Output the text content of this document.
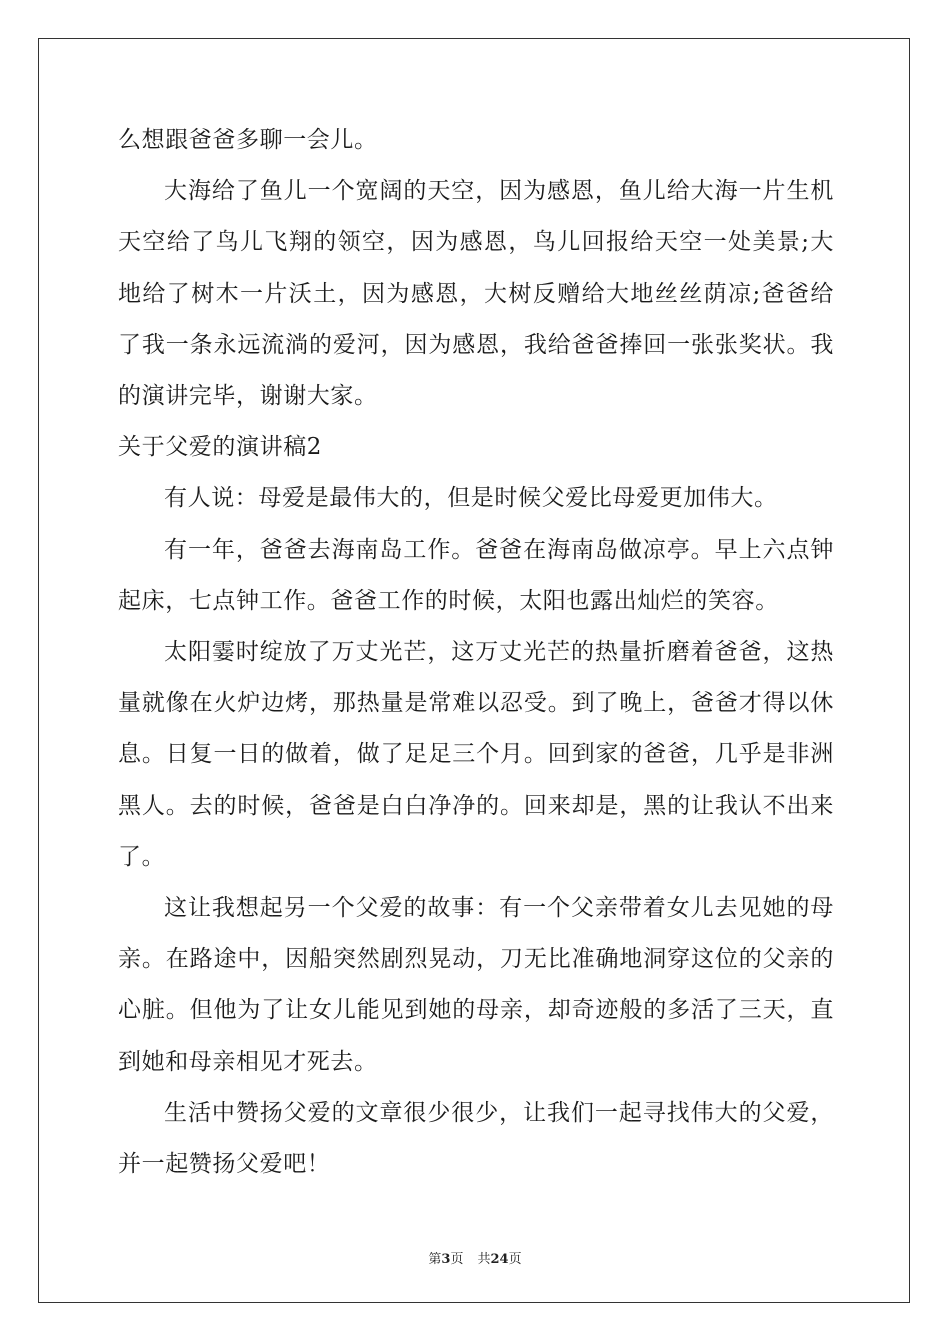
么想跟爸爸多聊一会儿。

大海给了鱼儿一个宽阔的天空，因为感恩，鱼儿给大海一片生机天空给了鸟儿飞翔的领空，因为感恩，鸟儿回报给天空一处美景;大地给了树木一片沃土，因为感恩，大树反赠给大地丝丝荫凉;爸爸给了我一条永远流淌的爱河，因为感恩，我给爸爸捧回一张张奖状。我的演讲完毕，谢谢大家。

关于父爱的演讲稿2

有人说：母爱是最伟大的，但是时候父爱比母爱更加伟大。

有一年，爸爸去海南岛工作。爸爸在海南岛做凉亭。早上六点钟起床，七点钟工作。爸爸工作的时候，太阳也露出灿烂的笑容。

太阳霎时绽放了万丈光芒，这万丈光芒的热量折磨着爸爸，这热量就像在火炉边烤，那热量是常难以忍受。到了晚上，爸爸才得以休息。日复一日的做着，做了足足三个月。回到家的爸爸，几乎是非洲黑人。去的时候，爸爸是白白净净的。回来却是，黑的让我认不出来了。

这让我想起另一个父爱的故事：有一个父亲带着女儿去见她的母亲。在路途中，因船突然剧烈晃动，刀无比准确地洞穿这位的父亲的心脏。但他为了让女儿能见到她的母亲，却奇迹般的多活了三天，直到她和母亲相见才死去。

生活中赞扬父爱的文章很少很少，让我们一起寻找伟大的父爱，并一起赞扬父爱吧！

第3页 共24页
